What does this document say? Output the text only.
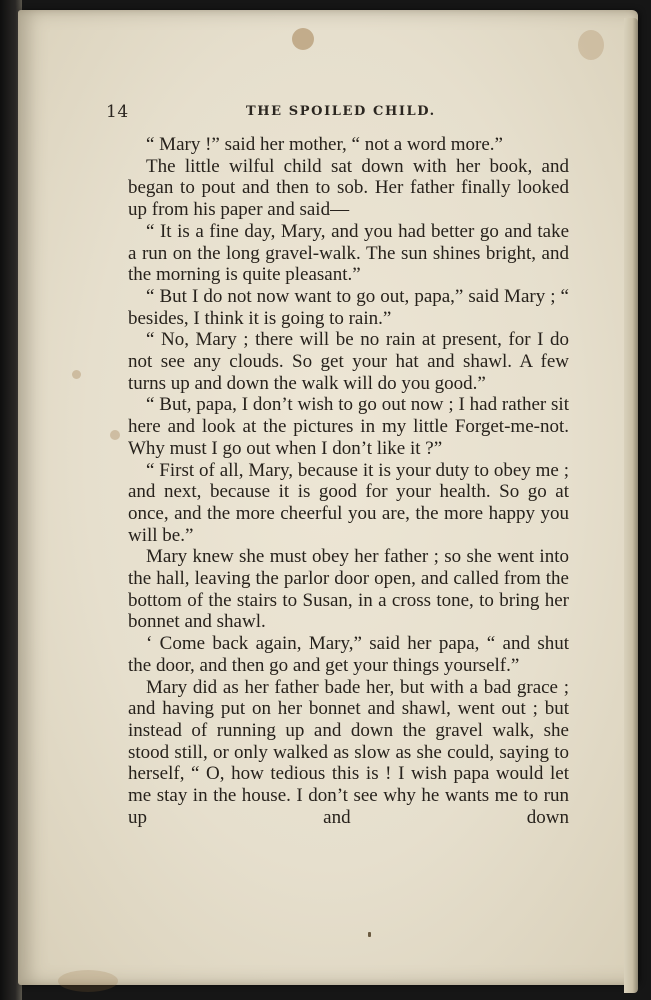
14	THE SPOILED CHILD.

“ Mary !” said her mother, “ not a word more.”

The little wilful child sat down with her book, and began to pout and then to sob. Her father finally looked up from his paper and said—

“ It is a fine day, Mary, and you had better go and take a run on the long gravel-walk. The sun shines bright, and the morning is quite pleasant.”

“ But I do not now want to go out, papa,” said Mary ; “ besides, I think it is going to rain.”

“ No, Mary ; there will be no rain at present, for I do not see any clouds. So get your hat and shawl. A few turns up and down the walk will do you good.”

“ But, papa, I don’t wish to go out now ; I had rather sit here and look at the pictures in my little Forget-me-not. Why must I go out when I don’t like it ?”

“ First of all, Mary, because it is your duty to obey me ; and next, because it is good for your health. So go at once, and the more cheerful you are, the more happy you will be.”

Mary knew she must obey her father ; so she went into the hall, leaving the parlor door open, and called from the bottom of the stairs to Susan, in a cross tone, to bring her bonnet and shawl.

‘ Come back again, Mary,” said her papa, “ and shut the door, and then go and get your things yourself.”

Mary did as her father bade her, but with a bad grace ; and having put on her bonnet and shawl, went out ; but instead of running up and down the gravel walk, she stood still, or only walked as slow as she could, saying to herself, “ O, how tedious this is ! I wish papa would let me stay in the house. I don’t see why he wants me to run up and down
